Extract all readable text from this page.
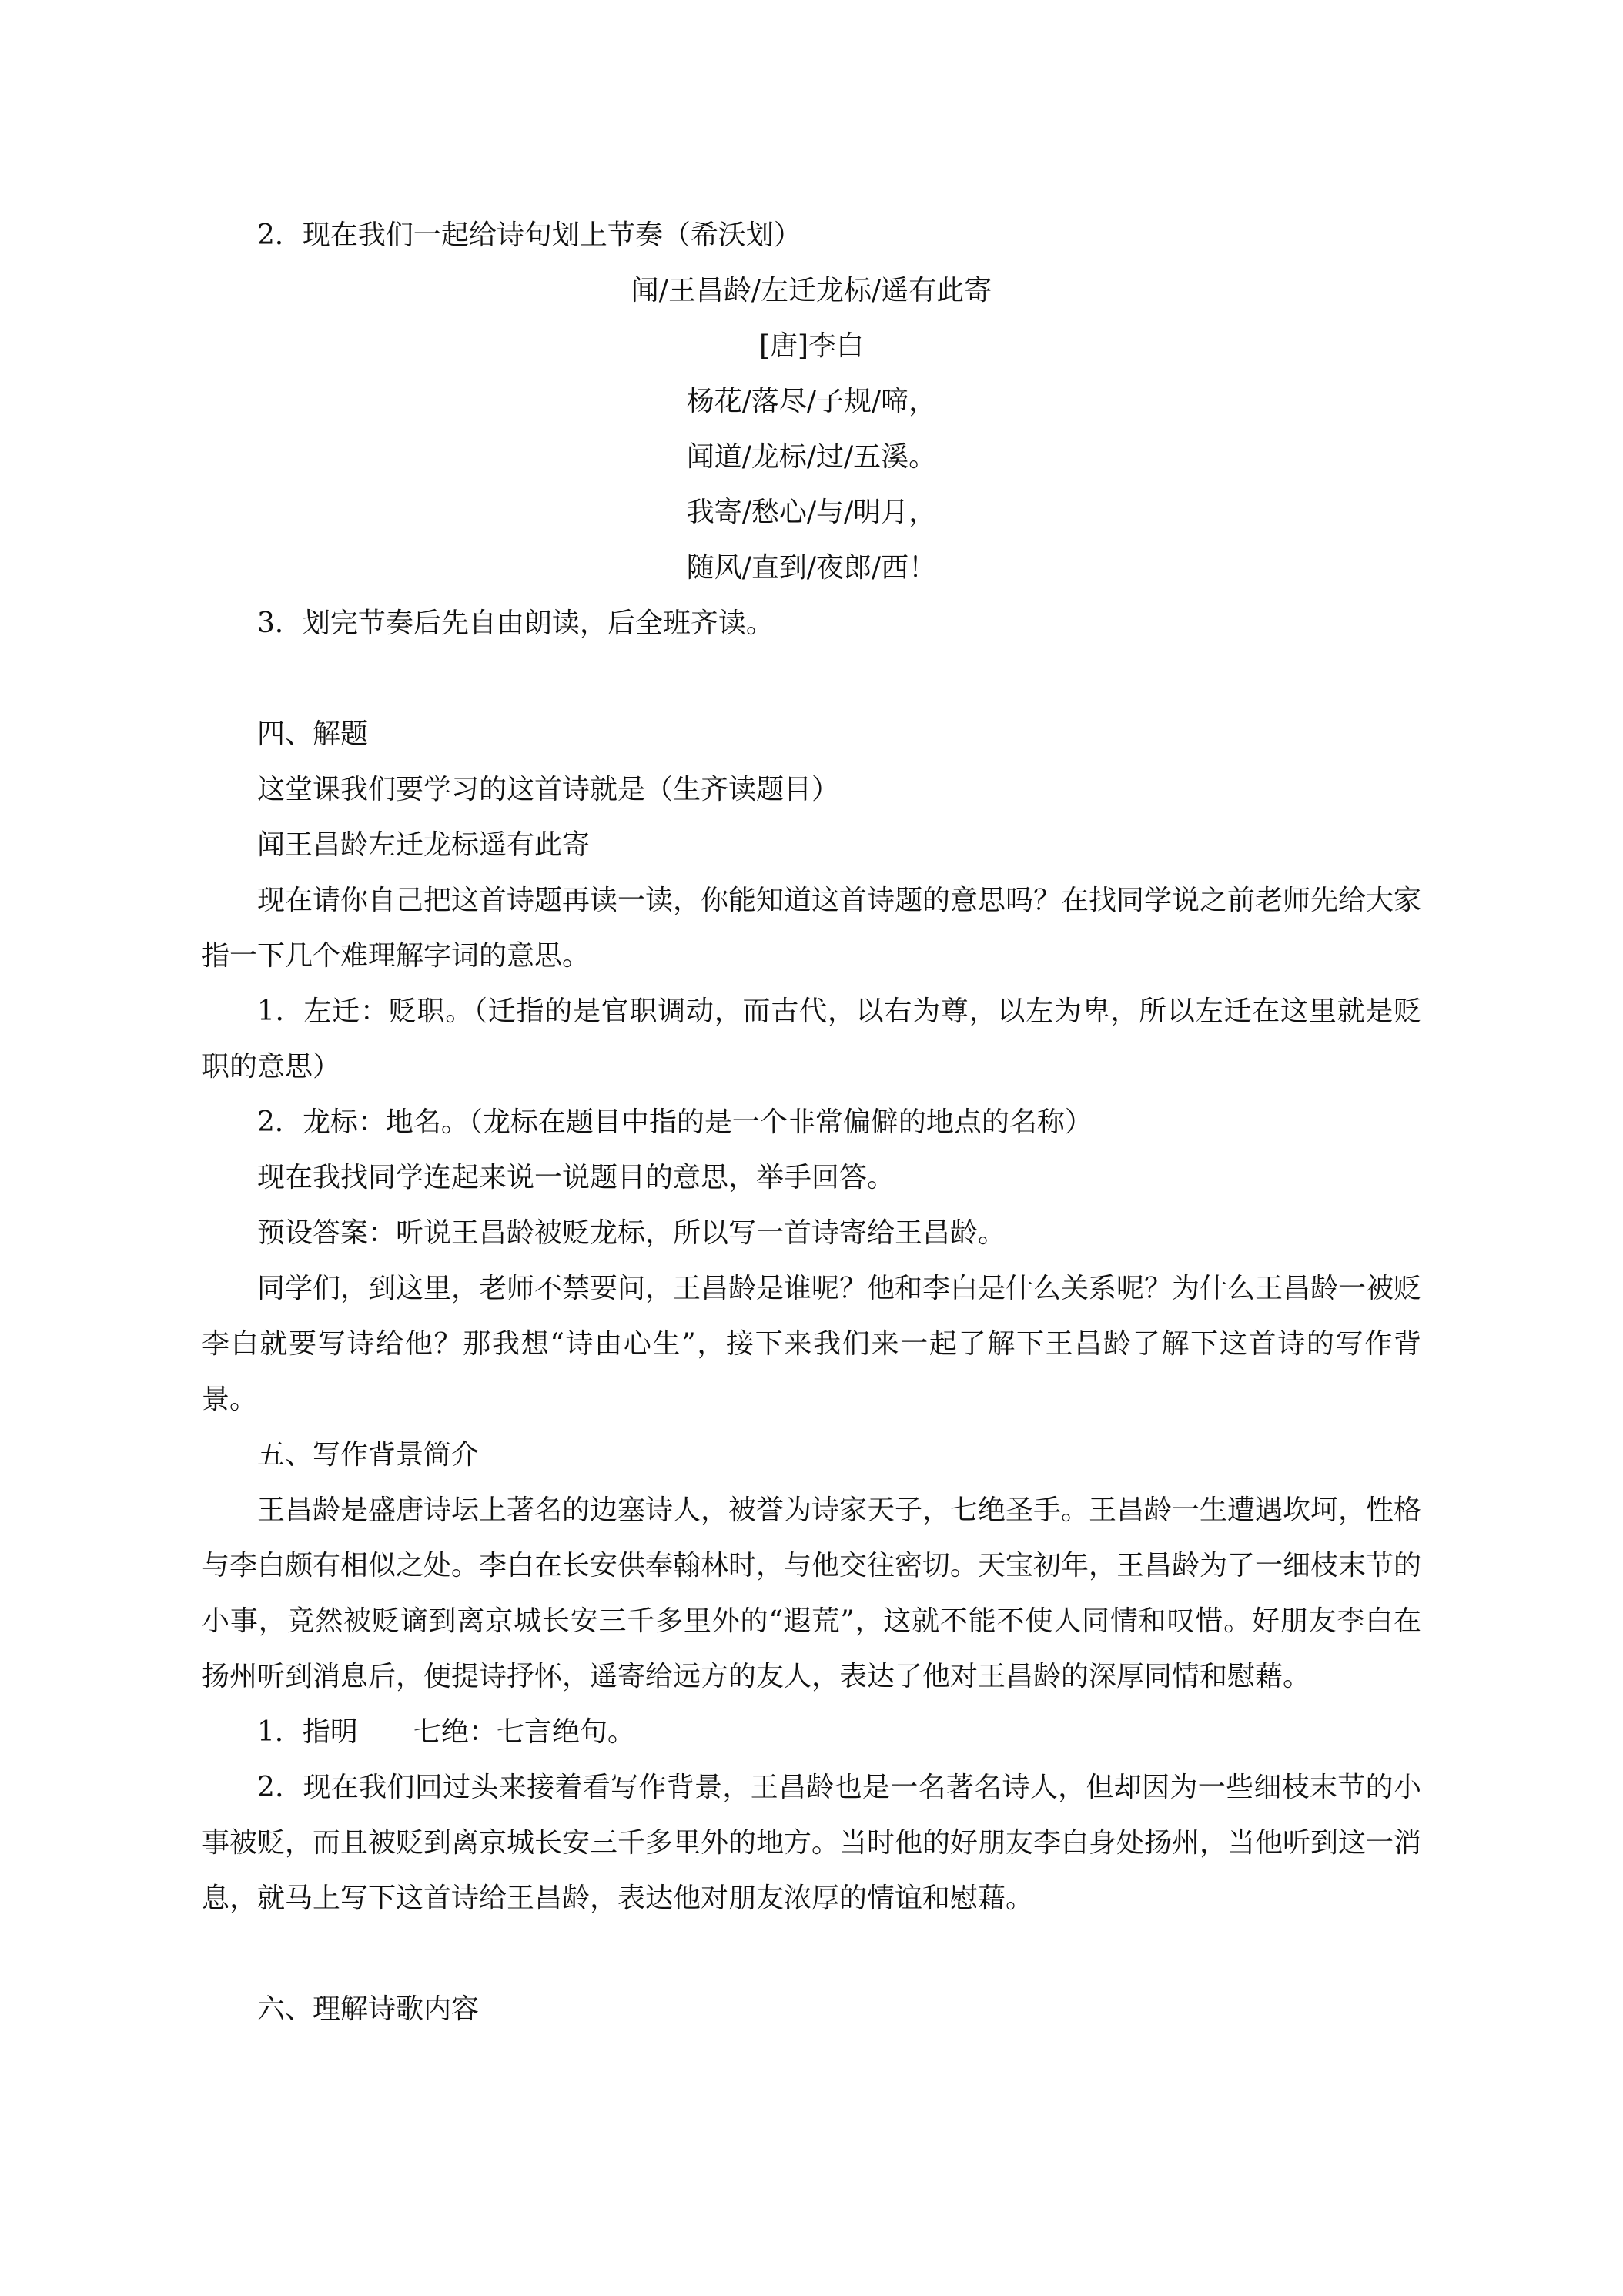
2．现在我们一起给诗句划上节奏（希沃划）

闻/王昌龄/左迁龙标/遥有此寄

[唐]李白

杨花/落尽/子规/啼，

闻道/龙标/过/五溪。

我寄/愁心/与/明月，

随风/直到/夜郎/西！

3．划完节奏后先自由朗读，后全班齐读。

四、解题

这堂课我们要学习的这首诗就是（生齐读题目）

闻王昌龄左迁龙标遥有此寄

现在请你自己把这首诗题再读一读，你能知道这首诗题的意思吗？在找同学说之前老师先给大家指一下几个难理解字词的意思。

1．左迁：贬职。（迁指的是官职调动，而古代，以右为尊，以左为卑，所以左迁在这里就是贬职的意思）

2．龙标：地名。（龙标在题目中指的是一个非常偏僻的地点的名称）

现在我找同学连起来说一说题目的意思，举手回答。

预设答案：听说王昌龄被贬龙标，所以写一首诗寄给王昌龄。

同学们，到这里，老师不禁要问，王昌龄是谁呢？他和李白是什么关系呢？为什么王昌龄一被贬李白就要写诗给他？那我想“诗由心生”，接下来我们来一起了解下王昌龄了解下这首诗的写作背景。

五、写作背景简介

王昌龄是盛唐诗坛上著名的边塞诗人，被誉为诗家天子，七绝圣手。王昌龄一生遭遇坎坷，性格与李白颇有相似之处。李白在长安供奉翰林时，与他交往密切。天宝初年，王昌龄为了一细枝末节的小事，竟然被贬谪到离京城长安三千多里外的“遐荒”，这就不能不使人同情和叹惜。好朋友李白在扬州听到消息后，便提诗抒怀，遥寄给远方的友人，表达了他对王昌龄的深厚同情和慰藉。

1．指明　　七绝：七言绝句。

2．现在我们回过头来接着看写作背景，王昌龄也是一名著名诗人，但却因为一些细枝末节的小事被贬，而且被贬到离京城长安三千多里外的地方。当时他的好朋友李白身处扬州，当他听到这一消息，就马上写下这首诗给王昌龄，表达他对朋友浓厚的情谊和慰藉。

六、理解诗歌内容
